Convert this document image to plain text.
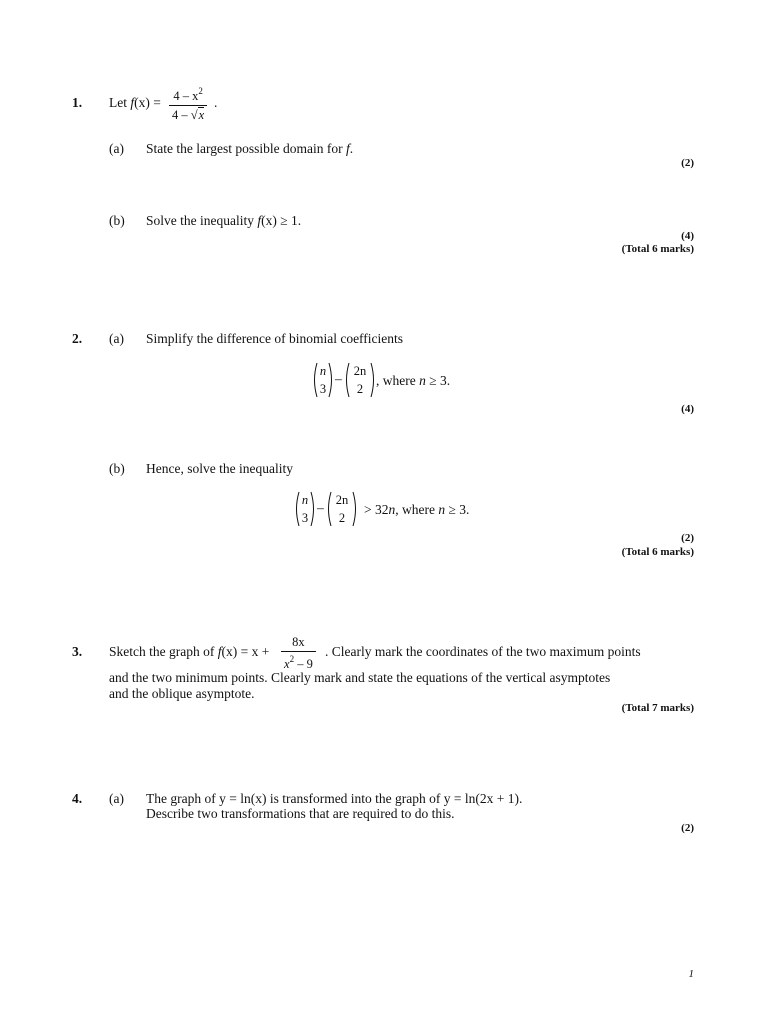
1. Let $f(x) = \frac{4 - x^2}{4 - √x}$ .
(a) State the largest possible domain for f.
(2)
(b) Solve the inequality f(x) ≥ 1.
(4)
(Total 6 marks)
2. (a) Simplify the difference of binomial coefficients
n
3
– 2n
2
, where n ≥ 3.
(4)
(b) Hence, solve the inequality
n
3
– 2n
2
> 32n, where n ≥ 3.
(2)
(Total 6 marks)
3. Sketch the graph of $f(x) = x + \frac{8x}{x^2 - 9}$ . Clearly mark the coordinates of the two maximum points
and the two minimum points. Clearly mark and state the equations of the vertical asymptotes
and the oblique asymptote.
(Total 7 marks)
4. (a) The graph of y = ln(x) is transformed into the graph of y = ln(2x + 1).
Describe two transformations that are required to do this.
(2)
1
